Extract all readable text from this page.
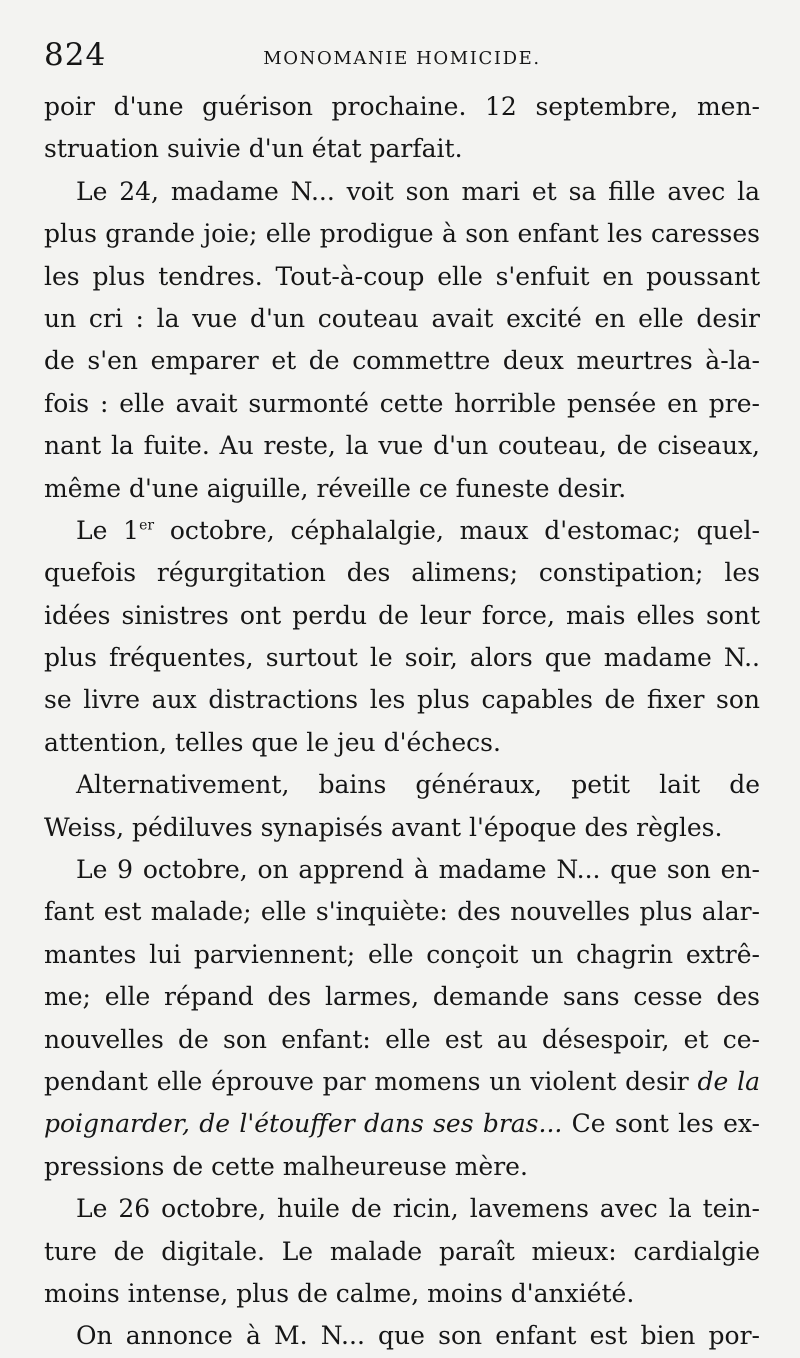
824	MONOMANIE HOMICIDE.

poir d'une guérison prochaine. 12 septembre, men-
struation suivie d'un état parfait.

Le 24, madame N... voit son mari et sa fille avec la
plus grande joie; elle prodigue à son enfant les caresses
les plus tendres. Tout-à-coup elle s'enfuit en poussant
un cri : la vue d'un couteau avait excité en elle desir
de s'en emparer et de commettre deux meurtres à-la-
fois : elle avait surmonté cette horrible pensée en pre-
nant la fuite. Au reste, la vue d'un couteau, de ciseaux,
même d'une aiguille, réveille ce funeste desir.

Le 1er octobre, céphalalgie, maux d'estomac; quel-
quefois régurgitation des alimens; constipation; les
idées sinistres ont perdu de leur force, mais elles sont
plus fréquentes, surtout le soir, alors que madame N..
se livre aux distractions les plus capables de fixer son
attention, telles que le jeu d'échecs.

Alternativement, bains généraux, petit lait de
Weiss, pédiluves synapisés avant l'époque des règles.

Le 9 octobre, on apprend à madame N... que son en-
fant est malade; elle s'inquiète: des nouvelles plus alar-
mantes lui parviennent; elle conçoit un chagrin extrê-
me; elle répand des larmes, demande sans cesse des
nouvelles de son enfant: elle est au désespoir, et ce-
pendant elle éprouve par momens un violent desir de la
poignarder, de l'étouffer dans ses bras... Ce sont les ex-
pressions de cette malheureuse mère.

Le 26 octobre, huile de ricin, lavemens avec la tein-
ture de digitale. Le malade paraît mieux: cardialgie
moins intense, plus de calme, moins d'anxiété.

On annonce à M. N... que son enfant est bien por-
